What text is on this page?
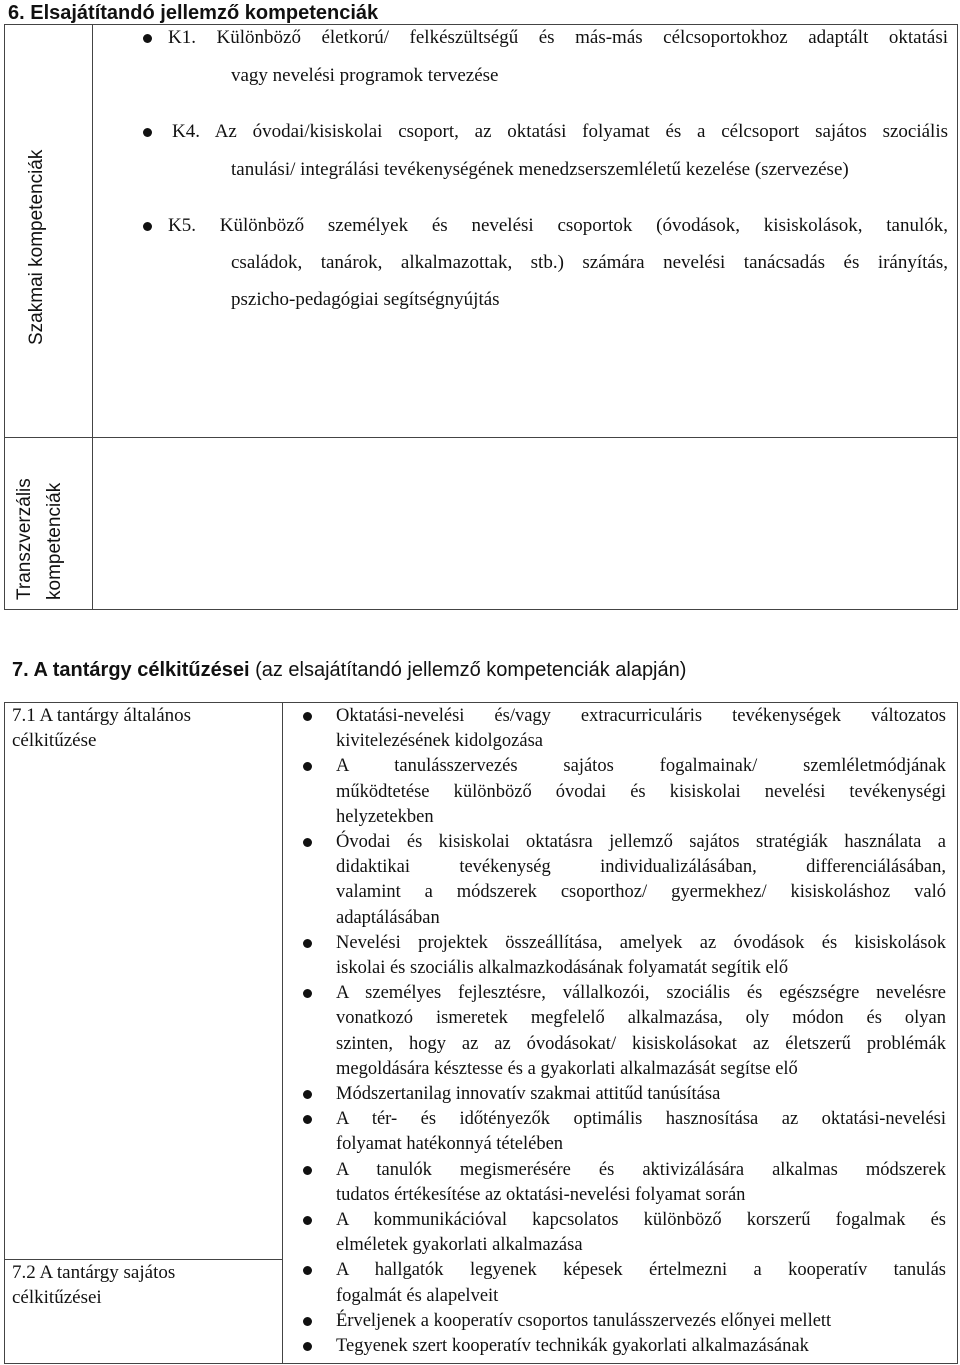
6. Elsajátítandó jellemző kompetenciák
Szakmai kompetenciák
Transzverzális kompetenciák
K1. Különböző életkorú/ felkészültségű és más-más célcsoportokhoz adaptált oktatási
vagy nevelési programok tervezése
K4. Az óvodai/kisiskolai csoport, az oktatási folyamat és a célcsoport sajátos szociális
tanulási/ integrálási tevékenységének menedzserszemléletű kezelése (szervezése)
K5. Különböző személyek és nevelési csoportok (óvodások, kisiskolások, tanulók,
családok, tanárok, alkalmazottak, stb.) számára nevelési tanácsadás és irányítás,
pszicho-pedagógiai segítségnyújtás
7. A tantárgy célkitűzései (az elsajátítandó jellemző kompetenciák alapján)
7.1 A tantárgy általános
célkitűzése
7.2 A tantárgy sajátos
célkitűzései
Oktatási-nevelési és/vagy extracurriculáris tevékenységek változatos
kivitelezésének kidolgozása
A tanulásszervezés sajátos fogalmainak/ szemléletmódjának
működtetése különböző óvodai és kisiskolai nevelési tevékenységi
helyzetekben
Óvodai és kisiskolai oktatásra jellemző sajátos stratégiák használata a
didaktikai tevékenység individualizálásában, differenciálásában,
valamint a módszerek csoporthoz/ gyermekhez/ kisiskoláshoz való
adaptálásában
Nevelési projektek összeállítása, amelyek az óvodások és kisiskolások
iskolai és szociális alkalmazkodásának folyamatát segítik elő
A személyes fejlesztésre, vállalkozói, szociális és egészségre nevelésre
vonatkozó ismeretek megfelelő alkalmazása, oly módon és olyan
szinten, hogy az az óvodásokat/ kisiskolásokat az életszerű problémák
megoldására késztesse és a gyakorlati alkalmazását segítse elő
Módszertanilag innovatív szakmai attitűd tanúsítása
A tér- és időtényezők optimális hasznosítása az oktatási-nevelési
folyamat hatékonnyá tételében
A tanulók megismerésére és aktivizálására alkalmas módszerek
tudatos értékesítése az oktatási-nevelési folyamat során
A kommunikációval kapcsolatos különböző korszerű fogalmak és
elméletek gyakorlati alkalmazása
A hallgatók legyenek képesek értelmezni a kooperatív tanulás
fogalmát és alapelveit
Érveljenek a kooperatív csoportos tanulásszervezés előnyei mellett
Tegyenek szert kooperatív technikák gyakorlati alkalmazásának
